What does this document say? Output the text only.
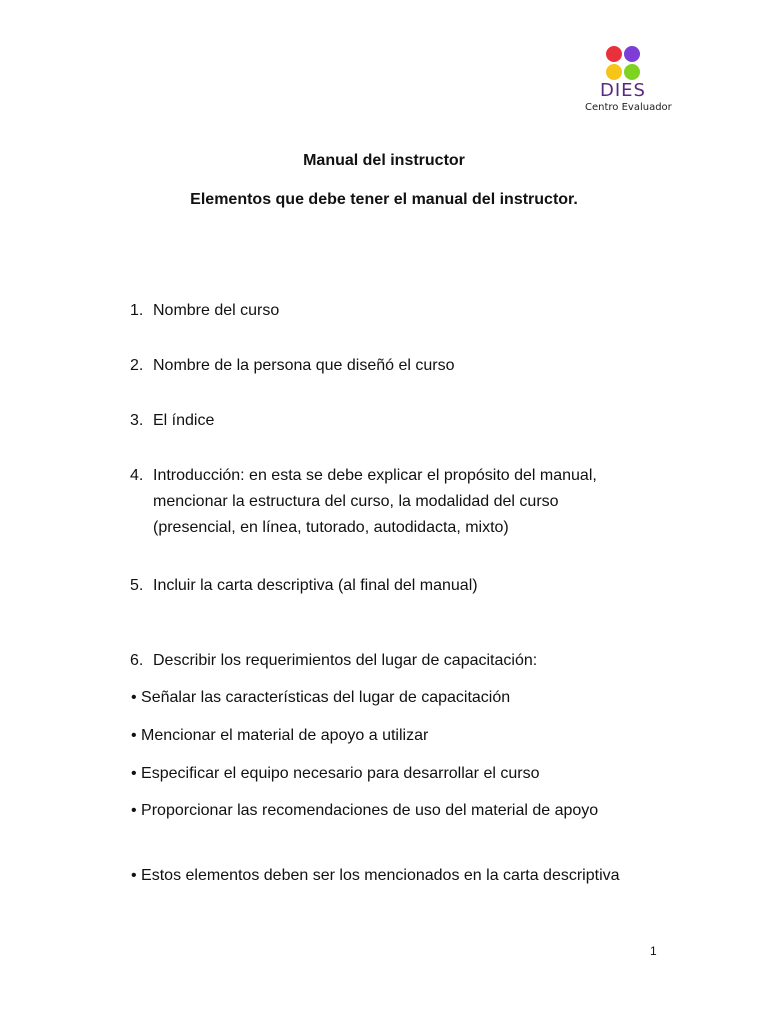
DIES
Centro Evaluador
Manual del instructor
Elementos que debe tener el manual del instructor.
1. Nombre del curso
2. Nombre de la persona que diseñó el curso
3. El índice
4. Introducción: en esta se debe explicar el propósito del manual, mencionar la estructura del curso, la modalidad del curso (presencial, en línea, tutorado, autodidacta, mixto)
5. Incluir la carta descriptiva (al final del manual)
6. Describir los requerimientos del lugar de capacitación:
• Señalar las características del lugar de capacitación
• Mencionar el material de apoyo a utilizar
• Especificar el equipo necesario para desarrollar el curso
• Proporcionar las recomendaciones de uso del material de apoyo
• Estos elementos deben ser los mencionados en la carta descriptiva
1
